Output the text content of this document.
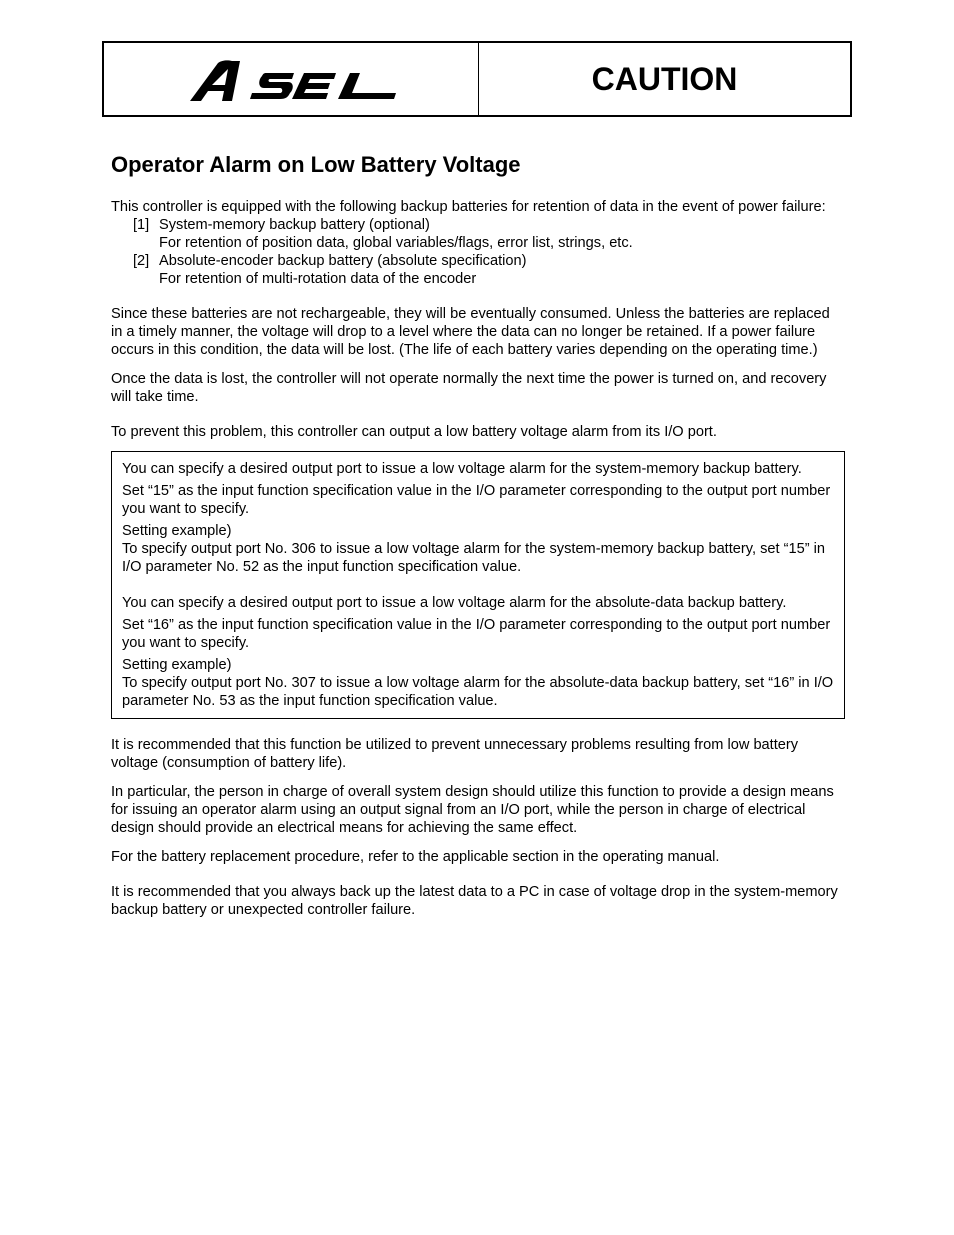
CAUTION
Operator Alarm on Low Battery Voltage

This controller is equipped with the following backup batteries for retention of data in the event of power failure:

[1] System-memory backup battery (optional)

For retention of position data, global variables/flags, error list, strings, etc.

[2] Absolute-encoder backup battery (absolute specification)

For retention of multi-rotation data of the encoder

Since these batteries are not rechargeable, they will be eventually consumed. Unless the batteries are replaced in a timely manner, the voltage will drop to a level where the data can no longer be retained. If a power failure occurs in this condition, the data will be lost. (The life of each battery varies depending on the operating time.)

Once the data is lost, the controller will not operate normally the next time the power is turned on, and recovery will take time.

To prevent this problem, this controller can output a low battery voltage alarm from its I/O port.

You can specify a desired output port to issue a low voltage alarm for the system-memory backup battery.

Set “15” as the input function specification value in the I/O parameter corresponding to the output port number you want to specify.

Setting example)

To specify output port No. 306 to issue a low voltage alarm for the system-memory backup battery, set “15” in I/O parameter No. 52 as the input function specification value.

You can specify a desired output port to issue a low voltage alarm for the absolute-data backup battery.

Set “16” as the input function specification value in the I/O parameter corresponding to the output port number you want to specify.

Setting example)

To specify output port No. 307 to issue a low voltage alarm for the absolute-data backup battery, set “16” in I/O parameter No. 53 as the input function specification value.

It is recommended that this function be utilized to prevent unnecessary problems resulting from low battery voltage (consumption of battery life).

In particular, the person in charge of overall system design should utilize this function to provide a design means for issuing an operator alarm using an output signal from an I/O port, while the person in charge of electrical design should provide an electrical means for achieving the same effect.

For the battery replacement procedure, refer to the applicable section in the operating manual.

It is recommended that you always back up the latest data to a PC in case of voltage drop in the system-memory backup battery or unexpected controller failure.
